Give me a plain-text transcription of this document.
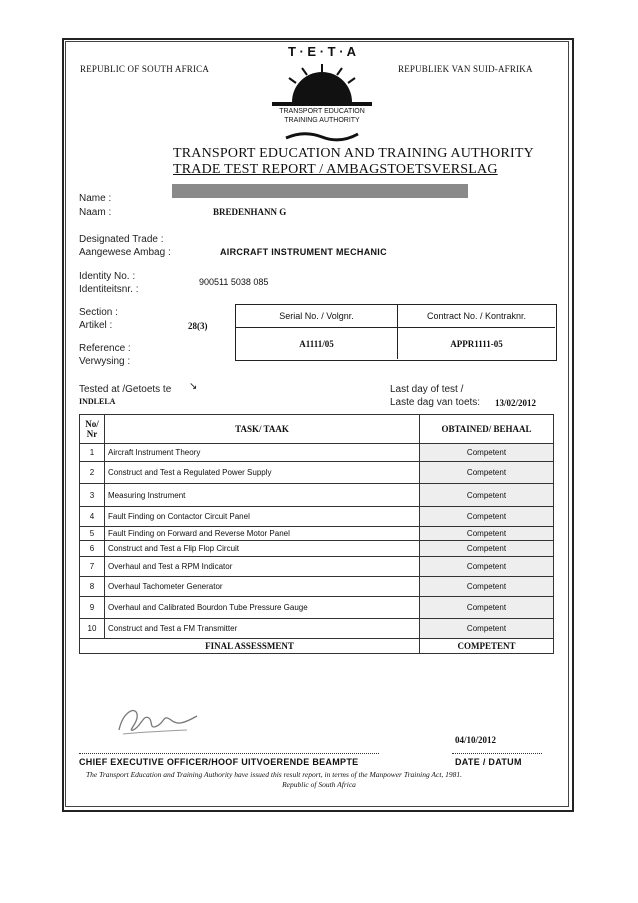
REPUBLIC OF SOUTH AFRICA	REPUBLIEK VAN SUID-AFRIKA
T · E · T · A
TRANSPORT EDUCATION
TRAINING AUTHORITY
TRANSPORT EDUCATION AND TRAINING AUTHORITY
TRADE TEST REPORT / AMBAGSTOETSVERSLAG
Name :
Naam :	BREDENHANN G
Designated Trade :
Aangewese Ambag :	AIRCRAFT INSTRUMENT MECHANIC
Identity No. :
Identiteitsnr. :
900511 5038 085
Section :
Artikel :	28(3)
Reference :
Verwysing :
Serial No. / Volgnr.	Contract No. / Kontraknr.
A1111/05	APPR1111-05
Tested at /Getoets te ↘
INDLELA
Last day of test /
Laste dag van toets: 13/02/2012
No/
Nr	TASK/ TAAK	OBTAINED/ BEHAAL
1	Aircraft Instrument Theory	Competent
2	Construct and Test a Regulated Power Supply	Competent
3	Measuring Instrument	Competent
4	Fault Finding on Contactor Circuit Panel	Competent
5	Fault Finding on Forward and Reverse Motor Panel	Competent
6	Construct and Test a Flip Flop Circuit	Competent
7	Overhaul and Test a RPM Indicator	Competent
8	Overhaul Tachometer Generator	Competent
9	Overhaul and Calibrated Bourdon Tube Pressure Gauge	Competent
10	Construct and Test a FM Transmitter	Competent
FINAL ASSESSMENT		COMPETENT
04/10/2012
CHIEF EXECUTIVE OFFICER/HOOF UITVOERENDE BEAMPTE	DATE / DATUM
The Transport Education and Training Authority have issued this result report, in terms of the Manpower Training Act, 1981.
Republic of South Africa
